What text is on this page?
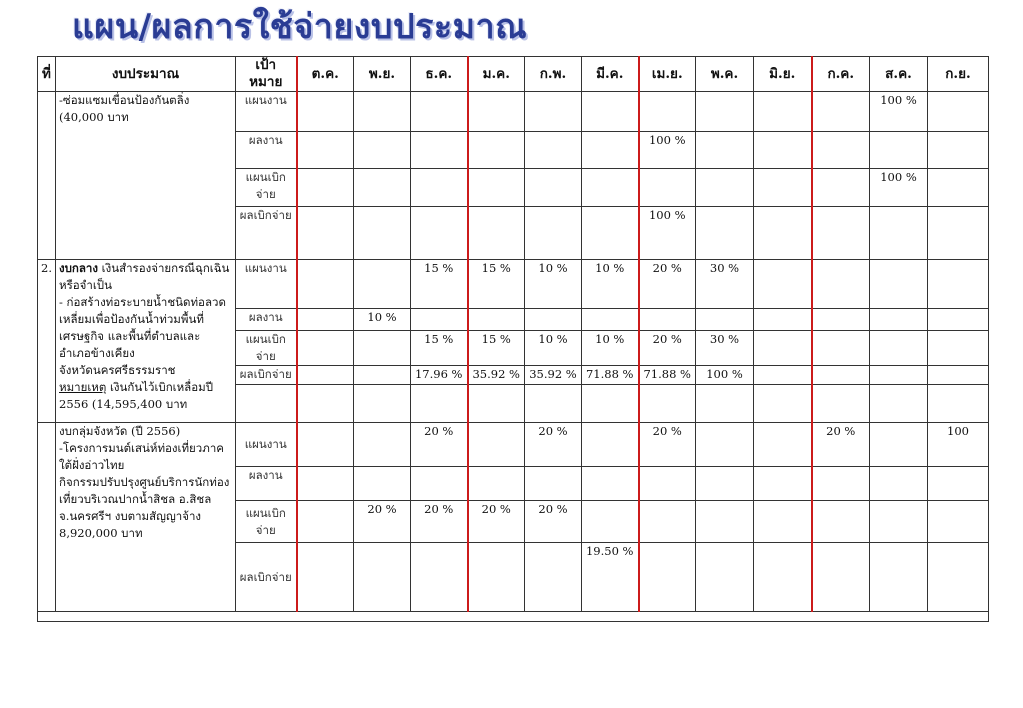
แผน/ผลการใช้จ่ายงบประมาณ
ที่	งบประมาณ	เป้าหมาย	ต.ค.	พ.ย.	ธ.ค.	ม.ค.	ก.พ.	มี.ค.	เม.ย.	พ.ค.	มิ.ย.	ก.ค.	ส.ค.	ก.ย.
	-ซ่อมแซมเขื่อนป้องกันตลิ่ง
(40,000 บาท	แผนงาน											100 %	
		ผลงาน							100 %					
		แผนเบิกจ่าย											100 %	
		ผลเบิกจ่าย							100 %					
2.	งบกลาง เงินสำรองจ่ายกรณีฉุกเฉินหรือจำเป็น
- ก่อสร้างท่อระบายน้ำชนิดท่อลวดเหลี่ยมเพื่อป้องกันน้ำท่วมพื้นที่เศรษฐกิจ และพื้นที่ตำบลและอำเภอข้างเคียง
จังหวัดนครศรีธรรมราช
หมายเหตุ เงินกันไว้เบิกเหลื่อมปี 2556 (14,595,400 บาท	แผนงาน			15 %	15 %	10 %	10 %	20 %	30 %				
		ผลงาน		10 %										
		แผนเบิกจ่าย			15 %	15 %	10 %	10 %	20 %	30 %				
		ผลเบิกจ่าย			17.96 %	35.92 %	35.92 %	71.88 %	71.88 %	100 %				

	งบกลุ่มจังหวัด (ปี 2556)
-โครงการมนต์เสน่ห์ท่องเที่ยวภาคใต้ฝั่งอ่าวไทย
กิจกรรมปรับปรุงศูนย์บริการนักท่องเที่ยวบริเวณปากน้ำสิชล อ.สิชล จ.นครศรีฯ งบตามสัญญาจ้าง 8,920,000 บาท	แผนงาน			20 %		20 %		20 %			20 %		100
		ผลงาน												
		แผนเบิกจ่าย		20 %	20 %	20 %	20 %							
		ผลเบิกจ่าย						19.50 %						
